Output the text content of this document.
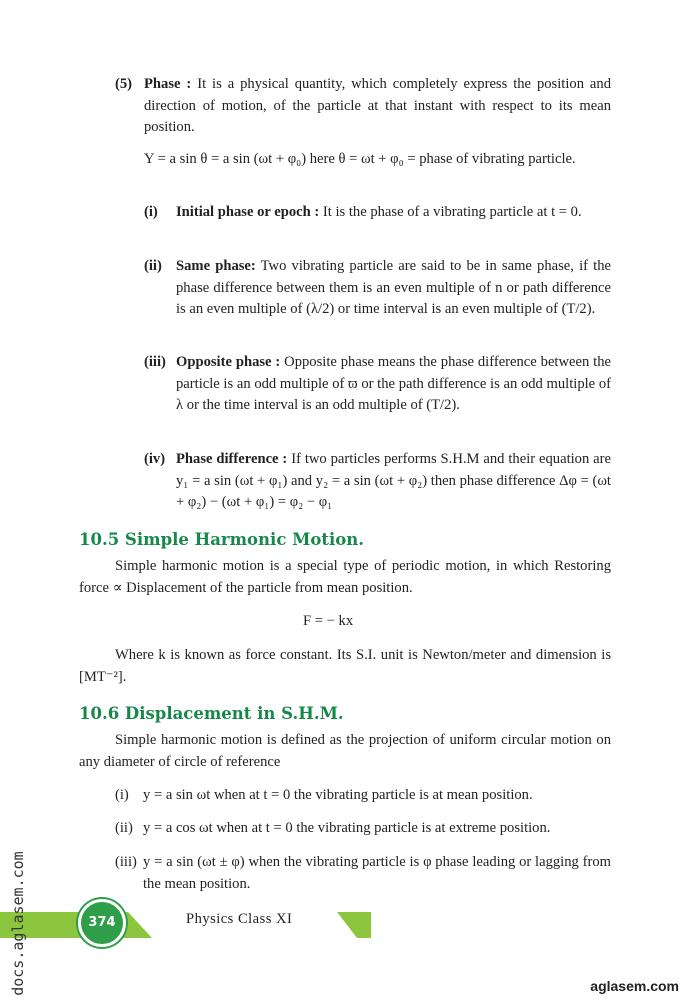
(5) Phase : It is a physical quantity, which completely express the position and direction of motion, of the particle at that instant with respect to its mean position.
Y = a sin θ = a sin (ωt + φ₀) here θ = ωt + φ₀ = phase of vibrating particle.
(i) Initial phase or epoch : It is the phase of a vibrating particle at t = 0.
(ii) Same phase: Two vibrating particle are said to be in same phase, if the phase difference between them is an even multiple of n or path difference is an even multiple of (λ/2) or time interval is an even multiple of (T/2).
(iii) Opposite phase : Opposite phase means the phase difference between the particle is an odd multiple of ϖ or the path difference is an odd multiple of λ or the time interval is an odd multiple of (T/2).
(iv) Phase difference : If two particles performs S.H.M and their equation are y₁ = a sin (ωt + φ₁) and y₂ = a sin (ωt + φ₂) then phase difference Δφ = (ωt + φ₂) − (ωt + φ₁) = φ₂ − φ₁
10.5 Simple Harmonic Motion.
Simple harmonic motion is a special type of periodic motion, in which Restoring force ∝ Displacement of the particle from mean position.
F = − kx
Where k is known as force constant. Its S.I. unit is Newton/meter and dimension is [MT⁻²].
10.6 Displacement in S.H.M.
Simple harmonic motion is defined as the projection of uniform circular motion on any diameter of circle of reference
(i) y = a sin ωt when at t = 0 the vibrating particle is at mean position.
(ii) y = a cos ωt when at t = 0 the vibrating particle is at extreme position.
(iii) y = a sin (ωt ± φ) when the vibrating particle is φ phase leading or lagging from the mean position.
374	Physics Class XI
docs.aglasem.com	aglasem.com
